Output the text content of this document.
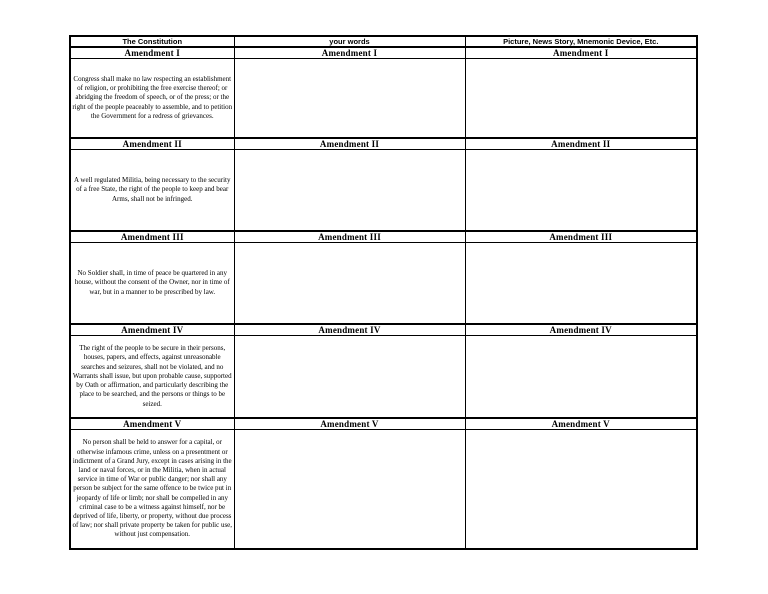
The Constitution	your words	Picture, News Story, Mnemonic Device, Etc.
Amendment I	Amendment I	Amendment I
Congress shall make no law respecting an establishment of religion, or prohibiting the free exercise thereof; or abridging the freedom of speech, or of the press; or the right of the people peaceably to assemble, and to petition the Government for a redress of grievances.		
Amendment II	Amendment II	Amendment II
A well regulated Militia, being necessary to the security of a free State, the right of the people to keep and bear Arms, shall not be infringed.		
Amendment III	Amendment III	Amendment III
No Soldier shall, in time of peace be quartered in any house, without the consent of the Owner, nor in time of war, but in a manner to be prescribed by law.		
Amendment IV	Amendment IV	Amendment IV
The right of the people to be secure in their persons, houses, papers, and effects, against unreasonable searches and seizures, shall not be violated, and no Warrants shall issue, but upon probable cause, supported by Oath or affirmation, and particularly describing the place to be searched, and the persons or things to be seized.		
Amendment V	Amendment V	Amendment V
No person shall be held to answer for a capital, or otherwise infamous crime, unless on a presentment or indictment of a Grand Jury, except in cases arising in the land or naval forces, or in the Militia, when in actual service in time of War or public danger; nor shall any person be subject for the same offence to be twice put in jeopardy of life or limb; nor shall be compelled in any criminal case to be a witness against himself, nor be deprived of life, liberty, or property, without due process of law; nor shall private property be taken for public use, without just compensation.		
